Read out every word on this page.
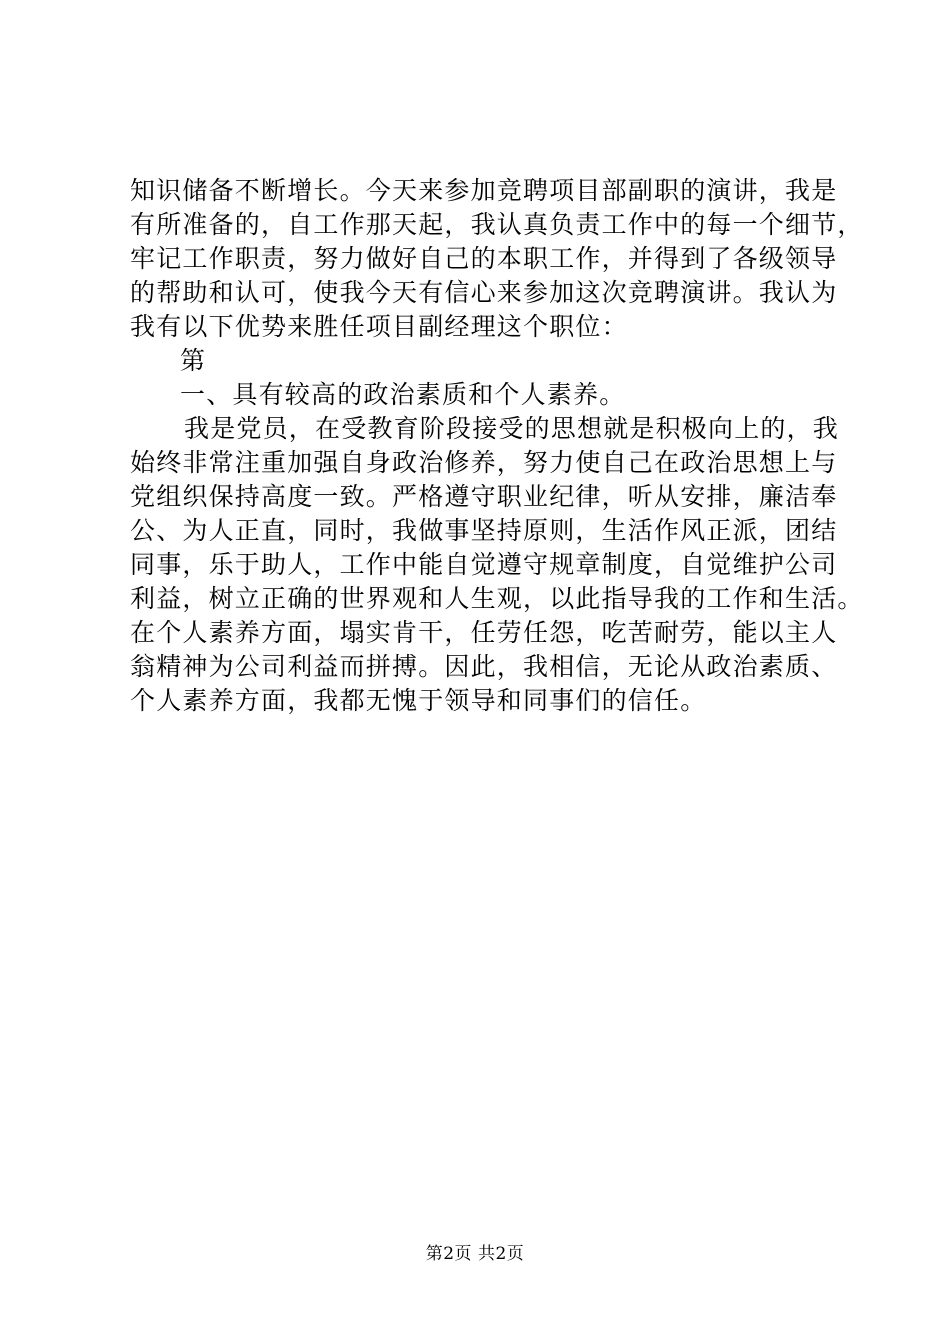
知识储备不断增长。今天来参加竞聘项目部副职的演讲，我是
有所准备的，自工作那天起，我认真负责工作中的每一个细节，
牢记工作职责，努力做好自己的本职工作，并得到了各级领导
的帮助和认可，使我今天有信心来参加这次竞聘演讲。我认为
我有以下优势来胜任项目副经理这个职位：
第
一、具有较高的政治素质和个人素养。
我是党员，在受教育阶段接受的思想就是积极向上的，我
始终非常注重加强自身政治修养，努力使自己在政治思想上与
党组织保持高度一致。严格遵守职业纪律，听从安排，廉洁奉
公、为人正直，同时，我做事坚持原则，生活作风正派，团结
同事，乐于助人，工作中能自觉遵守规章制度，自觉维护公司
利益，树立正确的世界观和人生观，以此指导我的工作和生活。
在个人素养方面，塌实肯干，任劳任怨，吃苦耐劳，能以主人
翁精神为公司利益而拼搏。因此，我相信，无论从政治素质、
个人素养方面，我都无愧于领导和同事们的信任。
第2页 共2页
